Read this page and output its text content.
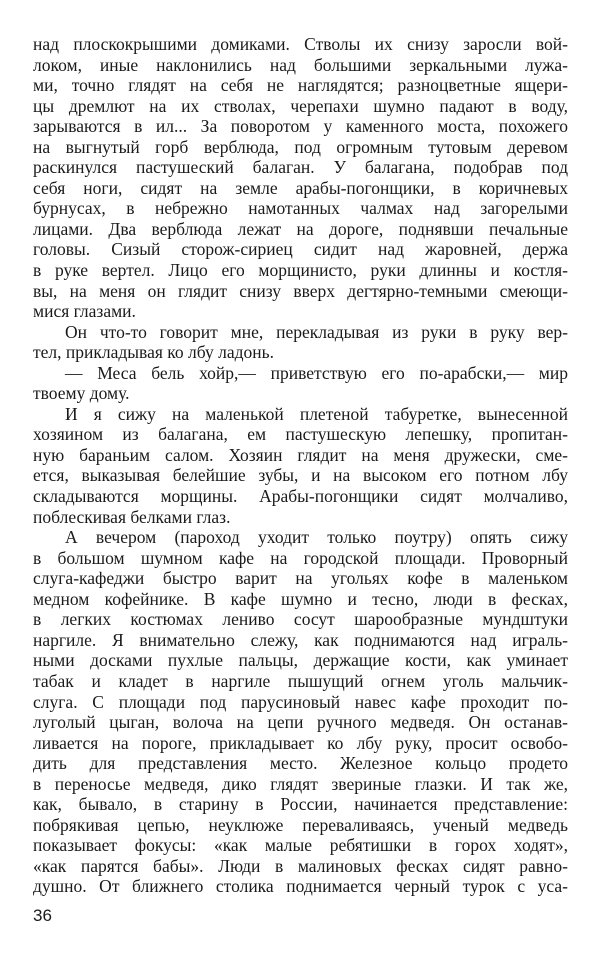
над плоскокрышими домиками. Стволы их снизу заросли вой-
локом, иные наклонились над большими зеркальными лужа-
ми, точно глядят на себя не наглядятся; разноцветные ящери-
цы дремлют на их стволах, черепахи шумно падают в воду,
зарываются в ил... За поворотом у каменного моста, похожего
на выгнутый горб верблюда, под огромным тутовым деревом
раскинулся пастушеский балаган. У балагана, подобрав под
себя ноги, сидят на земле арабы-погонщики, в коричневых
бурнусах, в небрежно намотанных чалмах над загорелыми
лицами. Два верблюда лежат на дороге, поднявши печальные
головы. Сизый сторож-сириец сидит над жаровней, держа
в руке вертел. Лицо его морщинисто, руки длинны и костля-
вы, на меня он глядит снизу вверх дегтярно-темными смеющи-
мися глазами.
Он что-то говорит мне, перекладывая из руки в руку вер-
тел, прикладывая ко лбу ладонь.
— Меса бель хойр,— приветствую его по-арабски,— мир
твоему дому.
И я сижу на маленькой плетеной табуретке, вынесенной
хозяином из балагана, ем пастушескую лепешку, пропитан-
ную бараньим салом. Хозяин глядит на меня дружески, сме-
ется, выказывая белейшие зубы, и на высоком его потном лбу
складываются морщины. Арабы-погонщики сидят молчаливо,
поблескивая белками глаз.
А вечером (пароход уходит только поутру) опять сижу
в большом шумном кафе на городской площади. Проворный
слуга-кафеджи быстро варит на угольях кофе в маленьком
медном кофейнике. В кафе шумно и тесно, люди в фесках,
в легких костюмах лениво сосут шарообразные мундштуки
наргиле. Я внимательно слежу, как поднимаются над играль-
ными досками пухлые пальцы, держащие кости, как уминает
табак и кладет в наргиле пышущий огнем уголь мальчик-
слуга. С площади под парусиновый навес кафе проходит по-
луголый цыган, волоча на цепи ручного медведя. Он останав-
ливается на пороге, прикладывает ко лбу руку, просит освобо-
дить для представления место. Железное кольцо продето
в переносье медведя, дико глядят звериные глазки. И так же,
как, бывало, в старину в России, начинается представление:
побрякивая цепью, неуклюже переваливаясь, ученый медведь
показывает фокусы: «как малые ребятишки в горох ходят»,
«как парятся бабы». Люди в малиновых фесках сидят равно-
душно. От ближнего столика поднимается черный турок с уса-
36
